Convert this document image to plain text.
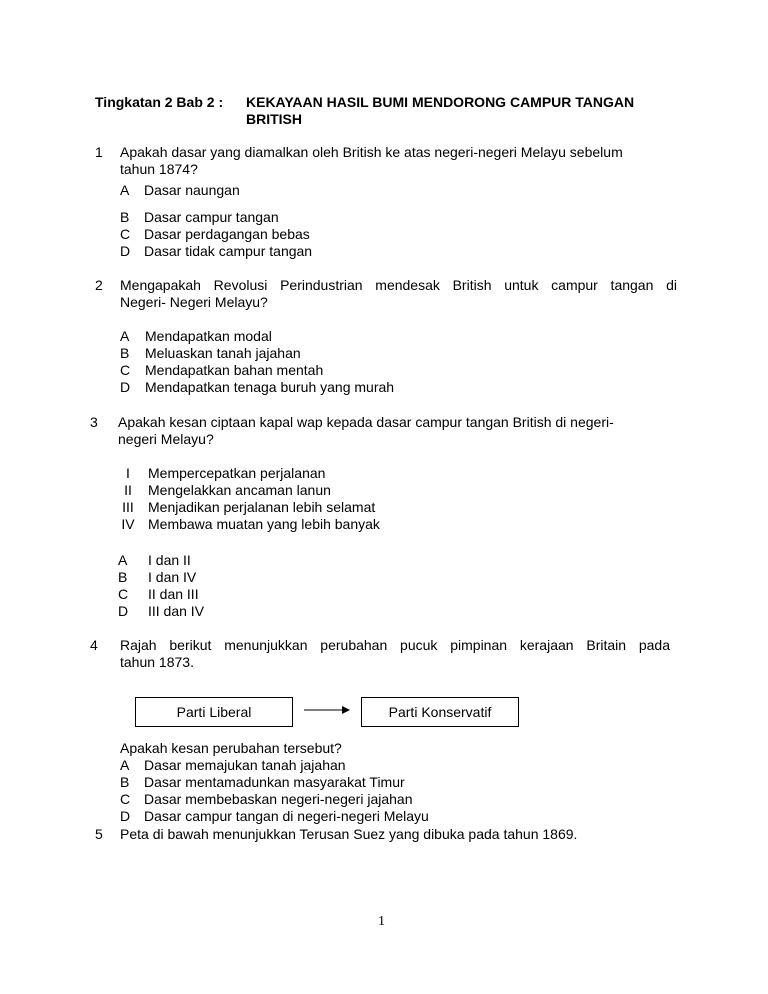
Tingkatan 2 Bab 2 : KEKAYAAN HASIL BUMI MENDORONG CAMPUR TANGAN
BRITISH
1 Apakah dasar yang diamalkan oleh British ke atas negeri-negeri Melayu sebelum
tahun 1874?
A Dasar naungan
B Dasar campur tangan
C Dasar perdagangan bebas
D Dasar tidak campur tangan
2 Mengapakah Revolusi Perindustrian mendesak British untuk campur tangan di
Negeri- Negeri Melayu?
A Mendapatkan modal
B Meluaskan tanah jajahan
C Mendapatkan bahan mentah
D Mendapatkan tenaga buruh yang murah
3 Apakah kesan ciptaan kapal wap kepada dasar campur tangan British di negeri-
negeri Melayu?
I	Mempercepatkan perjalanan
II	Mengelakkan ancaman lanun
III	Menjadikan perjalanan lebih selamat
IV Membawa muatan yang lebih banyak
A I dan II
B I dan IV
C II dan III
D III dan IV
4 Rajah berikut menunjukkan perubahan pucuk pimpinan kerajaan Britain pada
tahun 1873.
Parti Liberal	Parti Konservatif
Apakah kesan perubahan tersebut?
A Dasar memajukan tanah jajahan
B Dasar mentamadunkan masyarakat Timur
C Dasar membebaskan negeri-negeri jajahan
D Dasar campur tangan di negeri-negeri Melayu
5 Peta di bawah menunjukkan Terusan Suez yang dibuka pada tahun 1869.
1
